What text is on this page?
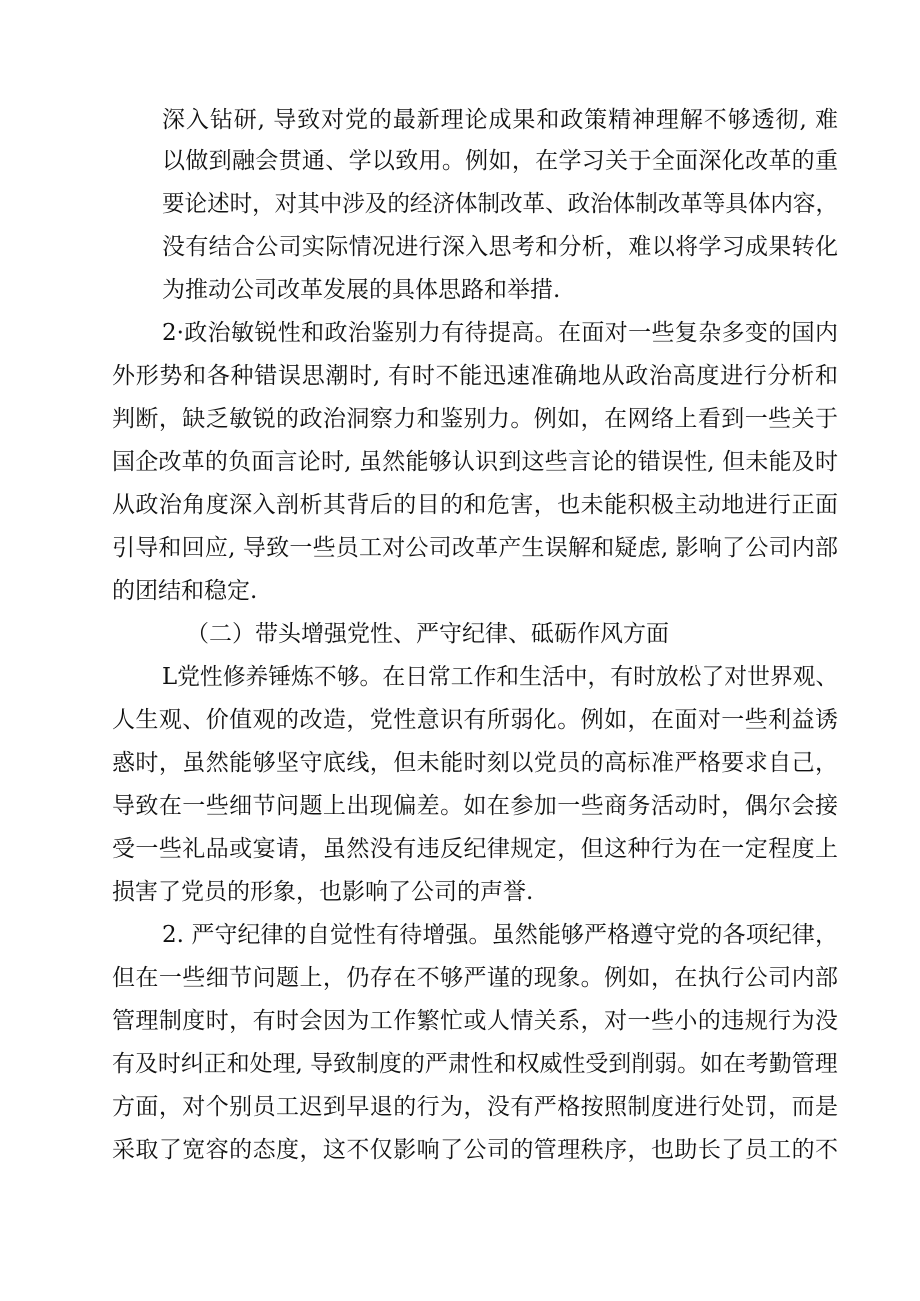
深入钻研, 导致对党的最新理论成果和政策精神理解不够透彻, 难
以做到融会贯通、学以致用。例如，在学习关于全面深化改革的重
要论述时，对其中涉及的经济体制改革、政治体制改革等具体内容，
没有结合公司实际情况进行深入思考和分析，难以将学习成果转化
为推动公司改革发展的具体思路和举措.
2·政治敏锐性和政治鉴别力有待提高。在面对一些复杂多变的国内
外形势和各种错误思潮时, 有时不能迅速准确地从政治高度进行分析和
判断，缺乏敏锐的政治洞察力和鉴别力。例如，在网络上看到一些关于
国企改革的负面言论时, 虽然能够认识到这些言论的错误性, 但未能及时
从政治角度深入剖析其背后的目的和危害，也未能积极主动地进行正面
引导和回应, 导致一些员工对公司改革产生误解和疑虑, 影响了公司内部
的团结和稳定.
（二）带头增强党性、严守纪律、砥砺作风方面
L党性修养锤炼不够。在日常工作和生活中，有时放松了对世界观、
人生观、价值观的改造，党性意识有所弱化。例如，在面对一些利益诱
惑时，虽然能够坚守底线，但未能时刻以党员的高标准严格要求自己，
导致在一些细节问题上出现偏差。如在参加一些商务活动时，偶尔会接
受一些礼品或宴请，虽然没有违反纪律规定，但这种行为在一定程度上
损害了党员的形象，也影响了公司的声誉.
2. 严守纪律的自觉性有待增强。虽然能够严格遵守党的各项纪律，
但在一些细节问题上，仍存在不够严谨的现象。例如，在执行公司内部
管理制度时，有时会因为工作繁忙或人情关系，对一些小的违规行为没
有及时纠正和处理, 导致制度的严肃性和权威性受到削弱。如在考勤管理
方面，对个别员工迟到早退的行为，没有严格按照制度进行处罚，而是
采取了宽容的态度，这不仅影响了公司的管理秩序，也助长了员工的不
